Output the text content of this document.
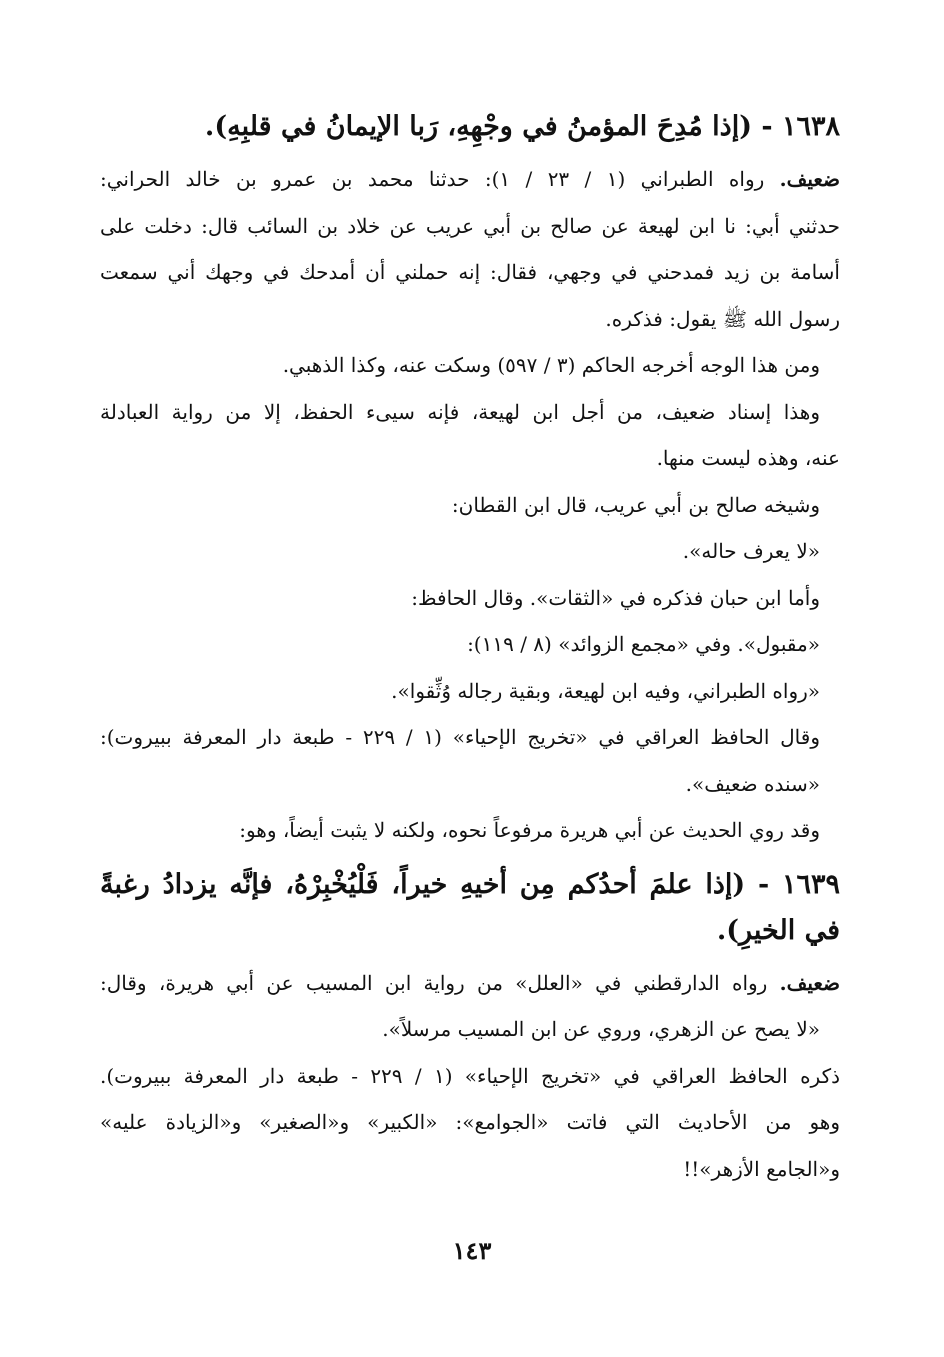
١٦٣٨ - (إذا مُدِحَ المؤمنُ في وجْهِهِ، رَبا الإيمانُ في قلبِهِ).

ضعيف. رواه الطبراني (١ / ٢٣ / ١): حدثنا محمد بن عمرو بن خالد الحراني:

حدثني أبي: نا ابن لهيعة عن صالح بن أبي عريب عن خلاد بن السائب قال: دخلت على

أسامة بن زيد فمدحني في وجهي، فقال: إنه حملني أن أمدحك في وجهك أني سمعت

رسول الله ﷺ يقول: فذكره.

ومن هذا الوجه أخرجه الحاكم (٣ / ٥٩٧) وسكت عنه، وكذا الذهبي.

وهذا إسناد ضعيف، من أجل ابن لهيعة، فإنه سيىء الحفظ، إلا من رواية العبادلة

عنه، وهذه ليست منها.

وشيخه صالح بن أبي عريب، قال ابن القطان:

«لا يعرف حاله».

وأما ابن حبان فذكره في «الثقات». وقال الحافظ:

«مقبول». وفي «مجمع الزوائد» (٨ / ١١٩):

«رواه الطبراني، وفيه ابن لهيعة، وبقية رجاله وُثِّقوا».

وقال الحافظ العراقي في «تخريج الإحياء» (١ / ٢٢٩ - طبعة دار المعرفة ببيروت):

«سنده ضعيف».

وقد روي الحديث عن أبي هريرة مرفوعاً نحوه، ولكنه لا يثبت أيضاً، وهو:

١٦٣٩ - (إذا علمَ أحدُكم مِن أخيهِ خيراً، فَلْيُخْبِرْهُ، فإنَّه يزدادُ رغبةً في الخيرِ).

ضعيف. رواه الدارقطني في «العلل» من رواية ابن المسيب عن أبي هريرة، وقال:

«لا يصح عن الزهري، وروي عن ابن المسيب مرسلاً».

ذكره الحافظ العراقي في «تخريج الإحياء» (١ / ٢٢٩ - طبعة دار المعرفة ببيروت).

وهو من الأحاديث التي فاتت «الجوامع»: «الكبير» و«الصغير» و«الزيادة عليه»

و«الجامع الأزهر»!!

١٤٣
